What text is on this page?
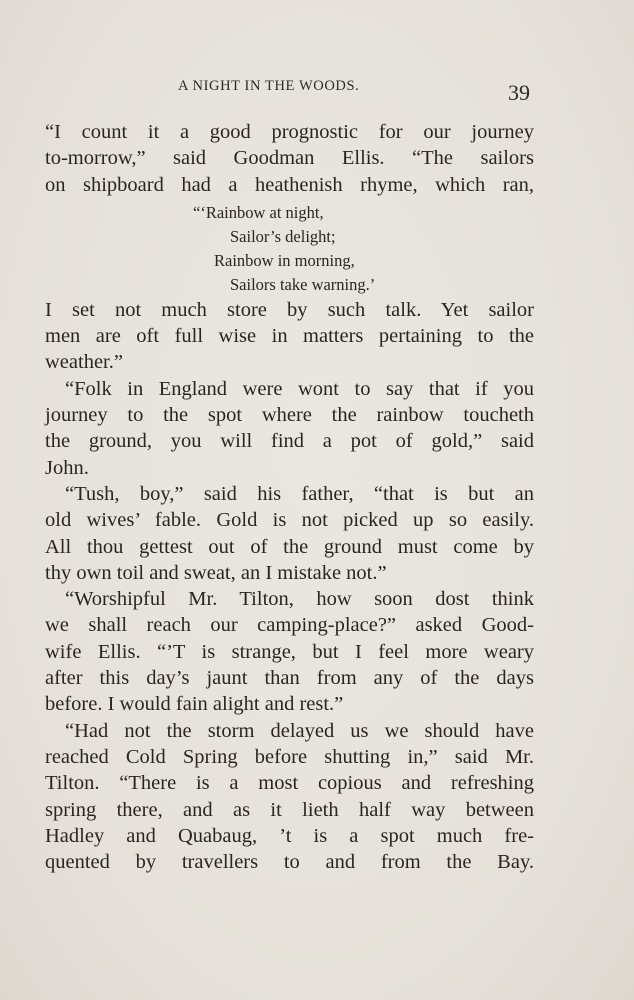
A NIGHT IN THE WOODS.	39
“I count it a good prognostic for our journey
to-morrow,” said Goodman Ellis. “The sailors
on shipboard had a heathenish rhyme, which ran,
“‘Rainbow at night,
Sailor’s delight;
Rainbow in morning,
Sailors take warning.’
I set not much store by such talk. Yet sailor
men are oft full wise in matters pertaining to the
weather.”
“Folk in England were wont to say that if you
journey to the spot where the rainbow toucheth
the ground, you will find a pot of gold,” said
John.
“Tush, boy,” said his father, “that is but an
old wives’ fable. Gold is not picked up so easily.
All thou gettest out of the ground must come by
thy own toil and sweat, an I mistake not.”
“Worshipful Mr. Tilton, how soon dost think
we shall reach our camping-place?” asked Good-
wife Ellis. “’T is strange, but I feel more weary
after this day’s jaunt than from any of the days
before. I would fain alight and rest.”
“Had not the storm delayed us we should have
reached Cold Spring before shutting in,” said Mr.
Tilton. “There is a most copious and refreshing
spring there, and as it lieth half way between
Hadley and Quabaug, ’t is a spot much fre-
quented by travellers to and from the Bay.
